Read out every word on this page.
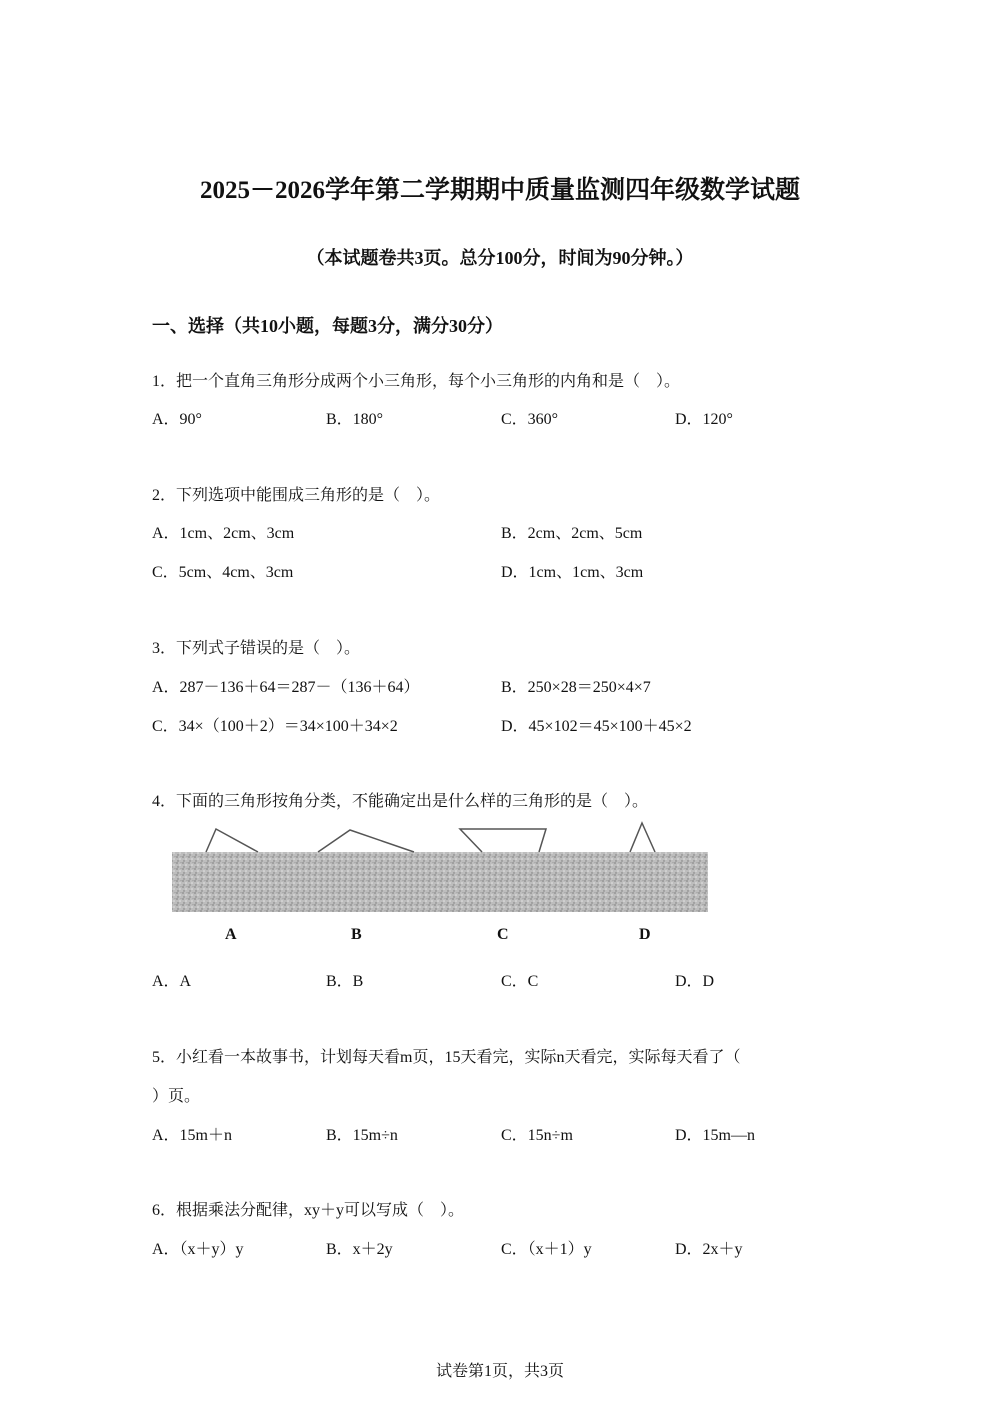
2025－2026学年第二学期期中质量监测四年级数学试题
（本试题卷共3页。总分100分，时间为90分钟。）
一、选择（共10小题，每题3分，满分30分）
1．把一个直角三角形分成两个小三角形，每个小三角形的内角和是（　）。
A．90°	B．180°	C．360°	D．120°
2．下列选项中能围成三角形的是（　）。
A．1cm、2cm、3cm	B．2cm、2cm、5cm
C．5cm、4cm、3cm	D．1cm、1cm、3cm
3．下列式子错误的是（　）。
A．287－136＋64＝287－（136＋64）	B．250×28＝250×4×7
C．34×（100＋2）＝34×100＋34×2	D．45×102＝45×100＋45×2
4．下面的三角形按角分类，不能确定出是什么样的三角形的是（　）。
A	B	C	D
A．A	B．B	C．C	D．D
5．小红看一本故事书，计划每天看m页，15天看完，实际n天看完，实际每天看了（
）页。
A．15m＋n	B．15m÷n	C．15n÷m	D．15m—n
6．根据乘法分配律，xy＋y可以写成（　）。
A．（x＋y）y	B．x＋2y	C．（x＋1）y	D．2x＋y
试卷第1页，共3页
